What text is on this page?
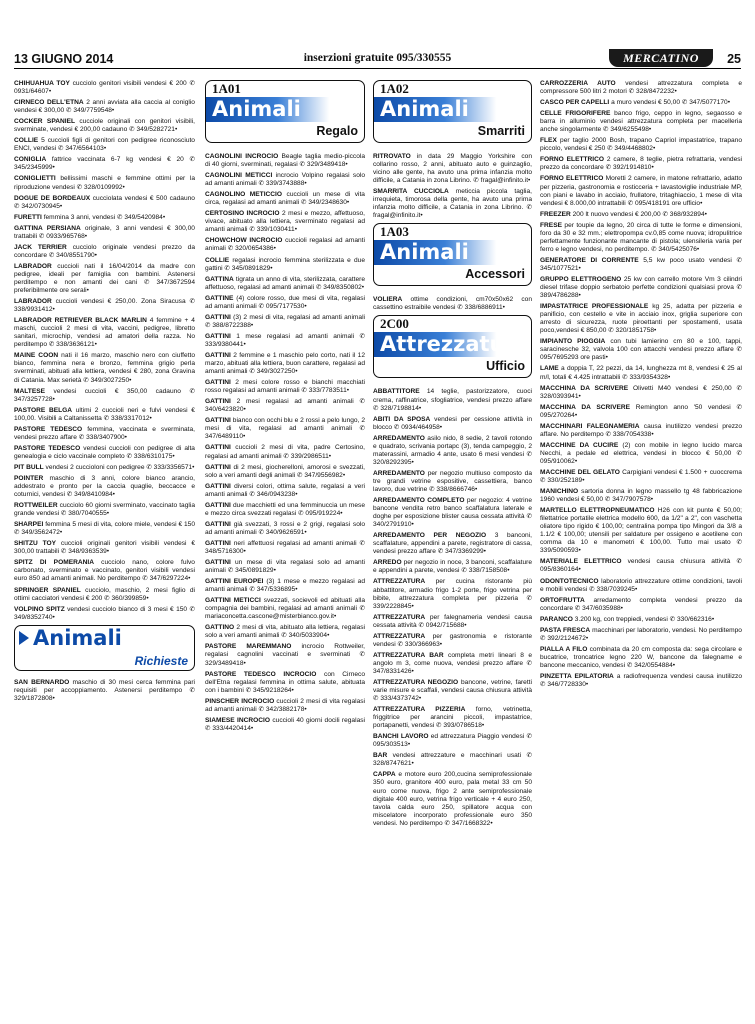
13 GIUGNO 2014	inserzioni gratuite 095/330555	MERCATINO	25

CHIHUAHUA TOY cucciolo genitori visibili vendesi € 200 ✆ 0931/64607•

CIRNECO DELL'ETNA 2 anni avviata alla caccia al coniglio vendesi € 300,00 ✆ 349/7759548•

COCKER SPANIEL cucciole originali con genitori visibili, sverminate, vendesi € 200,00 cadauno ✆ 349/5282721•

COLLIE 5 cuccioli figli di genitori con pedigree riconosciuto ENCI, vendesi ✆ 347/6564103•

CONIGLIA fattrice vaccinata 6-7 kg vendesi € 20 ✆ 345/2345999•

CONIGLIETTI bellissimi maschi e femmine ottimi per la riproduzione vendesi ✆ 328/0109992•

DOGUE DE BORDEAUX cucciolata vendesi € 500 cadauno ✆ 342/0730945•

FURETTI femmina 3 anni, vendesi ✆ 349/5420984•

GATTINA PERSIANA originale, 3 anni vendesi € 300,00 trattabili ✆ 0933/965768•

JACK TERRIER cucciolo originale vendesi prezzo da concordare ✆ 340/8551790•

LABRADOR cuccioli nati il 16/04/2014 da madre con pedigree, ideali per famiglia con bambini. Astenersi perditempo e non amanti dei cani ✆ 347/3672594 preferibilmente ore serali•

LABRADOR cuccioli vendesi € 250,00. Zona Siracusa ✆ 338/9931412•

LABRADOR RETRIEVER BLACK MARLIN 4 femmine + 4 maschi, cuccioli 2 mesi di vita, vaccini, pedigree, libretto sanitari, microchip, vendesi ad amatori della razza. No perditempo ✆ 338/3636121•

MAINE COON nati il 16 marzo, maschio nero con ciuffetto bianco, femmina nera e bronzo, femmina grigio perla sverminati, abituati alla lettiera, vendesi € 280, zona Gravina di Catania. Max serietà ✆ 349/3027250•

MALTESE vendesi cuccioli € 350,00 cadauno ✆ 347/3257728•

PASTORE BELGA ultimi 2 cuccioli neri e fulvi vendesi € 100,00. Visibili a Caltanissetta ✆ 338/3317012•

PASTORE TEDESCO femmina, vaccinata e sverminata, vendesi prezzo affare ✆ 338/3407900•

PASTORE TEDESCO vendesi cuccioli con pedigree di alta genealogia e ciclo vaccinale completo ✆ 338/6310175•

PIT BULL vendesi 2 cuccioloni con pedigree ✆ 333/3356571•

POINTER maschio di 3 anni, colore bianco arancio, addestrato e pronto per la caccia quaglie, beccacce e coturnici, vendesi ✆ 349/8410984•

ROTTWEILER cucciolo 60 giorni sverminato, vaccinato taglia grande vendesi ✆ 380/7040555•

SHARPEI femmina 5 mesi di vita, colore miele, vendesi € 150 ✆ 349/3562472•

SHITZU TOY cuccioli originali genitori visibili vendesi € 300,00 trattabili ✆ 348/9363539•

SPITZ DI POMERANIA cucciolo nano, colore fulvo carbonato, sverminato e vaccinato, genitori visibili vendesi euro 850 ad amanti animali. No perditempo ✆ 347/6297224•

SPRINGER SPANIEL cucciolo, maschio, 2 mesi figlio di ottimi cacciatori vendesi € 200 ✆ 360/399859•

VOLPINO SPITZ vendesi cucciolo bianco di 3 mesi € 150 ✆ 349/8352740•

Animali
Richieste

SAN BERNARDO maschio di 30 mesi cerca femmina pari requisiti per accoppiamento. Astenersi perditempo ✆ 329/1872808•

1A01
Animali
Regalo

CAGNOLINI INCROCIO Beagle taglia medio-piccola di 40 giorni, sverminati, regalasi ✆ 329/3489418•

CAGNOLINI METICCI incrocio Volpino regalasi solo ad amanti animali ✆ 339/3743888•

CAGNOLINO METICCIO cuccioli un mese di vita circa, regalasi ad amanti animali ✆ 349/2348630•

CERTOSINO INCROCIO 2 mesi e mezzo, affettuoso, vivace, abituato alla lettiera, sverminato regalasi ad amanti animali ✆ 339/1030411•

CHOWCHOW INCROCIO cuccioli regalasi ad amanti animali ✆ 320/0654386•

COLLIE regalasi incrocio femmina sterilizzata e due gattini ✆ 345/0891829•

GATTINA tigrata un anno di vita, sterilizzata, carattere affettuoso, regalasi ad amanti animali ✆ 349/8350802•

GATTINE (4) colore rosso, due mesi di vita, regalasi ad amanti animali ✆ 095/7177530•

GATTINI (3) 2 mesi di vita, regalasi ad amanti animali ✆ 388/8722388•

GATTINI 1 mese regalasi ad amanti animali ✆ 333/9380441•

GATTINI 2 femmine e 1 maschio pelo corto, nati il 12 marzo, abituati alla lettiera, buon carattere, regalasi ad amanti animali ✆ 349/3027250•

GATTINI 2 mesi colore rosso e bianchi macchiati rosso regalasi ad amanti animali ✆ 333/7783511•

GATTINI 2 mesi regalasi ad amanti animali ✆ 340/6423820•

GATTINI bianco con occhi blu e 2 rossi a pelo lungo, 2 mesi di vita, regalasi ad amanti animali ✆ 347/6489110•

GATTINI cuccioli 2 mesi di vita, padre Certosino, regalasi ad amanti animali ✆ 339/2986511•

GATTINI di 2 mesi, giocherelloni, amorosi e svezzati, solo a veri amanti degli animali ✆ 347/9556982•

GATTINI diversi colori, ottima salute, regalasi a veri amanti animali ✆ 346/0943238•

GATTINI due macchietti ed una femminuccia un mese e mezzo circa svezzati regalasi ✆ 095/919224•

GATTINI già svezzati, 3 rossi e 2 grigi, regalasi solo ad amanti animali ✆ 340/9626591•

GATTINI neri affettuosi regalasi ad amanti animali ✆ 348/5716300•

GATTINI un mese di vita regalasi solo ad amanti animali ✆ 345/0891829•

GATTINI EUROPEI (3) 1 mese e mezzo regalasi ad amanti animali ✆ 347/5336895•

GATTINI METICCI svezzati, socievoli ed abituati alla compagnia dei bambini, regalasi ad amanti animali ✆ mariaconcetta.cascone@misterbianco.gov.it•

GATTINO 2 mesi di vita, abituato alla lettiera, regalasi solo a veri amanti animali ✆ 340/5033904•

PASTORE MAREMMANO incrocio Rottweiler, regalasi cagnolini vaccinati e sverminati ✆ 329/3489418•

PASTORE TEDESCO INCROCIO con Cirneco dell'Etna regalasi femmina in ottima salute, abituata con i bambini ✆ 345/9218264•

PINSCHER INCROCIO cuccioli 2 mesi di vita regalasi ad amanti animali ✆ 342/3882178•

SIAMESE INCROCIO cuccioli 40 giorni docili regalasi ✆ 333/4420414•

1A02
Animali
Smarriti

RITROVATO in data 29 Maggio Yorkshire con collarino rosso, 2 anni, abituato auto e guinzaglio, vicino alle gente, ha avuto una prima infanzia molto difficile, a Catania in zona Librino. ✆ fragal@infinito.it•

SMARRITA CUCCIOLA meticcia piccola taglia, irrequieta, timorosa della gente, ha avuto una prima infanzia molto difficile, a Catania in zona Librino. ✆ fragal@infinito.it•

1A03
Animali
Accessori

VOLIERA ottime condizioni, cm70x50x62 con cassettino estraibile vendesi ✆ 338/6886911•

2C00
Attrezzature
Ufficio

ABBATTITORE 14 teglie, pastorizzatore, cuoci crema, raffinatrice, sfogliatrice, vendesi prezzo affare ✆ 328/7198814•

ABITI DA SPOSA vendesi per cessione attività in blocco ✆ 0934/464958•

ARREDAMENTO asilo nido, 8 sedie, 2 tavoli rotondo e quadrato, scrivania portapc (3), tenda campeggio, 2 materassini, armadio 4 ante, usato 6 mesi vendesi ✆ 320/8292395•

ARREDAMENTO per negozio multiuso composto da tre grandi vetrine espositive, cassettiera, banco lavoro, due vetrine ✆ 338/8666746•

ARREDAMENTO COMPLETO per negozio: 4 vetrine bancone vendita retro banco scaffalatura laterale e doghe per esposizione blister causa cessata attività ✆ 340/2791910•

ARREDAMENTO PER NEGOZIO 3 banconi, scaffalature, appendini a parete, registratore di cassa, vendesi prezzo affare ✆ 347/3369299•

ARREDO per negozio in noce, 3 banconi, scaffalature e appendini a parete, vendesi ✆ 338/7158508•

ATTREZZATURA per cucina ristorante più abbattitore, armadio frigo 1-2 porte, frigo vetrina per bibite, attrezzatura completa per pizzeria ✆ 339/2228845•

ATTREZZATURA per falegnameria vendesi causa cessata attività ✆ 0942/715688•

ATTREZZATURA per gastronomia e ristorante vendesi ✆ 330/366963•

ATTREZZATURA BAR completa metri lineari 8 e angolo m 3, come nuova, vendesi prezzo affare ✆ 347/8331426•

ATTREZZATURA NEGOZIO bancone, vetrine, faretti varie misure e scaffali, vendesi causa chiusura attività ✆ 333/4373742•

ATTREZZATURA PIZZERIA forno, vetrinetta, friggitrice per arancini piccoli, impastatrice, portapanetti, vendesi ✆ 393/0786518•

BANCHI LAVORO ed attrezzatura Piaggio vendesi ✆ 095/303513•

BAR vendesi attrezzature e macchinari usati ✆ 328/8747621•

CAPPA e motore euro 200,cucina semiprofessionale 350 euro, granitore 400 euro, pala metal 33 cm 50 euro come nuova, frigo 2 ante semiprofessionale digitale 400 euro, vetrina frigo verticale + 4 euro 250, tavola calda euro 250, spillatore acqua con miscelatore incorporato professionale euro 350 vendesi. No perditempo ✆ 347/1668322•

CARROZZERIA AUTO vendesi attrezzatura completa e compressore 500 litri 2 motori ✆ 328/8472232•

CASCO PER CAPELLI a muro vendesi € 50,00 ✆ 347/5077170•

CELLE FRIGORIFERE banco frigo, ceppo in legno, segaosso e barra in alluminio vendesi attrezzatura completa per macelleria anche singolarmente ✆ 349/6255498•

FLEX per taglio 2000 Bosh, trapano Capriol impastatrice, trapano piccolo, vendesi € 250 ✆ 349/4468802•

FORNO ELETTRICO 2 camere, 8 teglie, pietra refrattaria, vendesi prezzo da concordare ✆ 392/1914810•

FORNO ELETTRICO Moretti 2 camere, in matone refrattario, adatto per pizzeria, gastronomia e rosticceria + lavastoviglie industriale MP, con piani e lavabo in acciaio, frullatore, tritaghiaccio, 1 mese di vita vendesi € 8.000,00 intrattabili ✆ 095/418191 ore ufficio•

FREEZER 200 lt nuovo vendesi € 200,00 ✆ 368/932894•

FRESE per toupie da legno, 20 circa di tutte le forme e dimensioni, foro da 30 e 32 mm.; elettropompa cv.0,85 come nuova; idropulitrice perfettamente funzionante mancante di pistola; ulensileria varia per ferro e legno vendesi, no perditempo. ✆ 340/5425076•

GENERATORE DI CORRENTE 5,5 kw poco usato vendesi ✆ 345/1077521•

GRUPPO ELETTROGENO 25 kw con carrello motore Vm 3 cilindri diesel trifase doppio serbatoio perfette condizioni qualsiasi prova ✆ 389/4786288•

IMPASTATRICE PROFESSIONALE kg 25, adatta per pizzeria e panificio, con cestello e vite in acciaio inox, griglia superiore con arresto di sicurezza, ruote piroettanti per spostamenti, usata poco,vendesi € 850,00 ✆ 320/1851758•

IMPIANTO PIOGGIA con tubi lamierino cm 80 e 100, tappi, saracinesche 32, valvola 100 con attacchi vendesi prezzo affare ✆ 095/7695293 ore pasti•

LAME a doppia T, 22 pezzi, da 14, lunghezza mt 8, vendesi € 25 al m/l, totali € 4.425 intrattabili ✆ 333/9354328•

MACCHINA DA SCRIVERE Olivetti M40 vendesi € 250,00 ✆ 328/0393941•

MACCHINA DA SCRIVERE Remington anno '50 vendesi ✆ 095/270264•

MACCHINARI FALEGNAMERIA causa inutilizzo vendesi prezzo affare. No perditempo ✆ 338/7054338•

MACCHINE DA CUCIRE (2) con mobile in legno lucido marca Necchi, a pedale ed elettrica, vendesi in blocco € 50,00 ✆ 095/910062•

MACCHINE DEL GELATO Carpigiani vendesi € 1.500 + cuoccrema ✆ 330/252189•

MANICHINO sartoria donna in legno massello tg 48 fabbricazione 1960 vendesi € 50,00 ✆ 347/7907578•

MARTELLO ELETTROPNEUMATICO H26 con kit punte € 50,00; filettatrice portatile elettrica modello 600, da 1/2" a 2", con vaschetta oliatore tipo rigido € 100,00; centralina pompa tipo Mingori da 3/8 a 1.1/2 € 100,00; utensili per saldature per ossigeno e acetilene con comma da 10 e manometri € 100,00. Tutto mai usato ✆ 339/5090593•

MATERIALE ELETTRICO vendesi causa chiusura attività ✆ 095/8360164•

ODONTOTECNICO laboratorio attrezzature ottime condizioni, tavoli e mobili vendesi ✆ 338/7039245•

ORTOFRUTTA arredamento completa vendesi prezzo da concordare ✆ 347/6035988•

PARANCO 3.200 kg, con treppiedi, vendesi ✆ 330/662316•

PASTA FRESCA macchinari per laboratorio, vendesi. No perditempo ✆ 392/2124672•

PIALLA A FILO combinata da 20 cm composta da: sega circolare e bucatrice, troncatrice legno 220 W, bancone da falegname e bancone meccanico, vendesi ✆ 342/0554884•

PINZETTA EPILATORIA a radiofrequenza vendesi causa inutilizzo ✆ 346/7728330•
